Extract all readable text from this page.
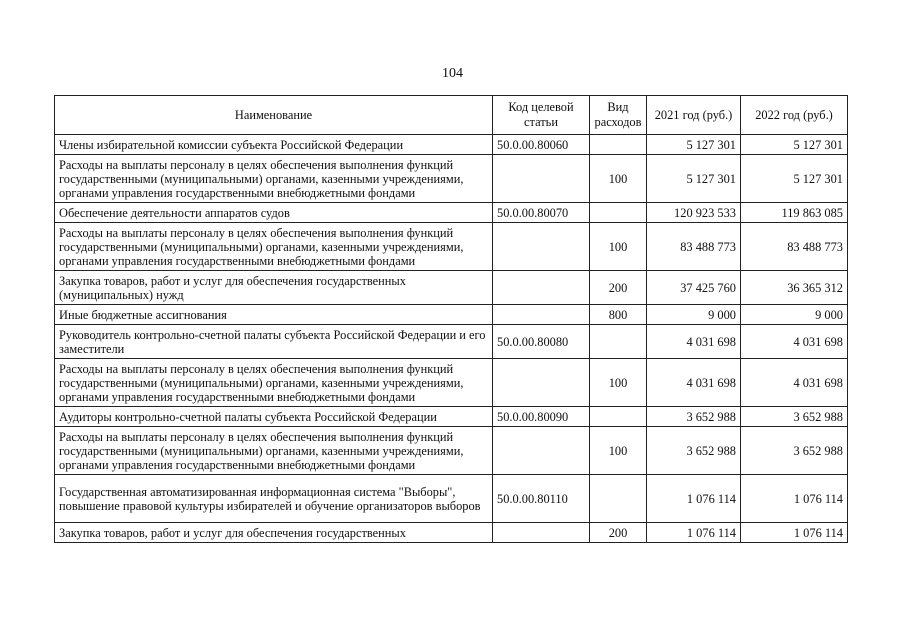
104
Наименование	Код целевой статьи	Вид расходов	2021 год (руб.)	2022 год (руб.)
Члены избирательной комиссии субъекта Российской Федерации	50.0.00.80060		5 127 301	5 127 301
Расходы на выплаты персоналу в целях обеспечения выполнения функций государственными (муниципальными) органами, казенными учреждениями, органами управления государственными внебюджетными фондами		100	5 127 301	5 127 301
Обеспечение деятельности аппаратов судов	50.0.00.80070		120 923 533	119 863 085
Расходы на выплаты персоналу в целях обеспечения выполнения функций государственными (муниципальными) органами, казенными учреждениями, органами управления государственными внебюджетными фондами		100	83 488 773	83 488 773
Закупка товаров, работ и услуг для обеспечения государственных (муниципальных) нужд		200	37 425 760	36 365 312
Иные бюджетные ассигнования		800	9 000	9 000
Руководитель контрольно-счетной палаты субъекта Российской Федерации и его заместители	50.0.00.80080		4 031 698	4 031 698
Расходы на выплаты персоналу в целях обеспечения выполнения функций государственными (муниципальными) органами, казенными учреждениями, органами управления государственными внебюджетными фондами		100	4 031 698	4 031 698
Аудиторы контрольно-счетной палаты субъекта Российской Федерации	50.0.00.80090		3 652 988	3 652 988
Расходы на выплаты персоналу в целях обеспечения выполнения функций государственными (муниципальными) органами, казенными учреждениями, органами управления государственными внебюджетными фондами		100	3 652 988	3 652 988
Государственная автоматизированная информационная система "Выборы", повышение правовой культуры избирателей и обучение организаторов выборов	50.0.00.80110		1 076 114	1 076 114
Закупка товаров, работ и услуг для обеспечения государственных		200	1 076 114	1 076 114
